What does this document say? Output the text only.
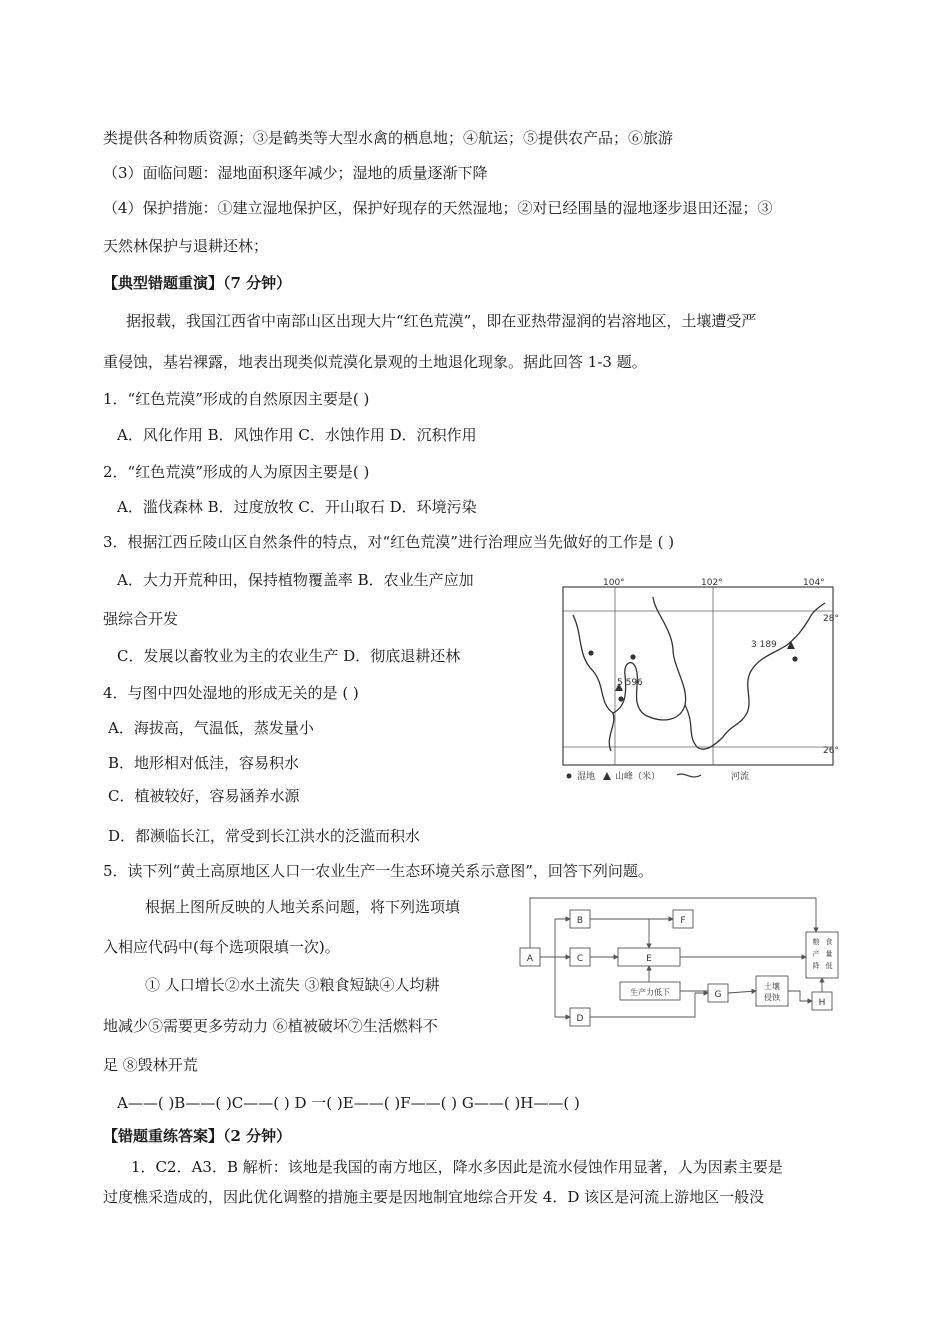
类提供各种物质资源；③是鹤类等大型水禽的栖息地；④航运；⑤提供农产品；⑥旅游
（3）面临问题：湿地面积逐年减少；湿地的质量逐渐下降
（4）保护措施：①建立湿地保护区，保护好现存的天然湿地；②对已经围垦的湿地逐步退田还湿；③
天然林保护与退耕还林；
【典型错题重演】（7 分钟）
据报载，我国江西省中南部山区出现大片“红色荒漠”，即在亚热带湿润的岩溶地区，土壤遭受严
重侵蚀，基岩裸露，地表出现类似荒漠化景观的土地退化现象。据此回答 1-3 题。
1．“红色荒漠”形成的自然原因主要是( )
A．风化作用 B．风蚀作用 C．水蚀作用 D．沉积作用
2．“红色荒漠”形成的人为原因主要是( )
A．滥伐森林 B．过度放牧 C．开山取石 D．环境污染
3．根据江西丘陵山区自然条件的特点，对“红色荒漠”进行治理应当先做好的工作是 ( )
A．大力开荒种田，保持植物覆盖率 B．农业生产应加
强综合开发
C．发展以畜牧业为主的农业生产 D．彻底退耕还林
4．与图中四处湿地的形成无关的是 ( )
A．海拔高，气温低，蒸发量小
B．地形相对低洼，容易积水
C．植被较好，容易涵养水源
D．都濒临长江，常受到长江洪水的泛滥而积水
5．读下列“黄土高原地区人口一农业生产一生态环境关系示意图”，回答下列问题。
根据上图所反映的人地关系问题，将下列选项填
入相应代码中(每个选项限填一次)。
① 人口增长②水土流失 ③粮食短缺④人均耕
地减少⑤需要更多劳动力 ⑥植被破坏⑦生活燃料不
足 ⑧毁林开荒
A——( )B——( )C——( ) D 一( )E——( )F——( ) G——( )H——( )
【错题重练答案】（2 分钟）
1．C2．A3．B 解析：该地是我国的南方地区，降水多因此是流水侵蚀作用显著，人为因素主要是
过度樵采造成的，因此优化调整的措施主要是因地制宜地综合开发 4．D 该区是河流上游地区一般没
100°	102°	104°
28°
26°
5 596
3 189
湿地 山峰（米）	河流
A
B
C
D
E
F
G
H
生产力低下
土壤
侵蚀
粮 食
产 量
降 低
